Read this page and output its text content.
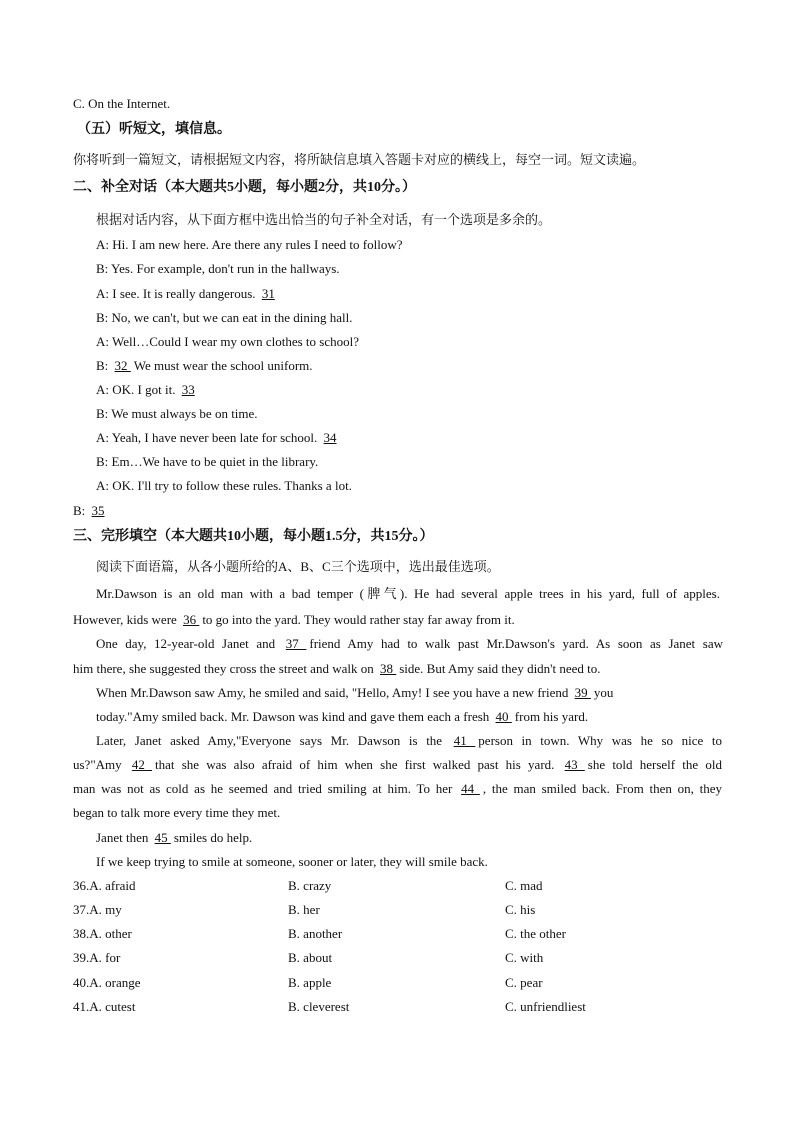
C. On the Internet.
（五）听短文，填信息。
你将听到一篇短文，请根据短文内容，将所缺信息填入答题卡对应的横线上，每空一词。短文读遍。
二、补全对话（本大题共5小题，每小题2分，共10分。）
根据对话内容，从下面方框中选出恰当的句子补全对话，有一个选项是多余的。
A: Hi. I am new here. Are there any rules I need to follow?
B: Yes. For example, don't run in the hallways.
A: I see. It is really dangerous. 31
B: No, we can't, but we can eat in the dining hall.
A: Well…Could I wear my own clothes to school?
B: 32 We must wear the school uniform.
A: OK. I got it. 33
B: We must always be on time.
A: Yeah, I have never been late for school. 34
B: Em…We have to be quiet in the library.
A: OK. I'll try to follow these rules. Thanks a lot.
B: 35
三、完形填空（本大题共10小题，每小题1.5分，共15分。）
阅读下面语篇，从各小题所给的A、B、C三个选项中，选出最佳选项。
Mr.Dawson is an old man with a bad temper (脾气). He had several apple trees in his yard, full of apples.
However, kids were 36 to go into the yard. They would rather stay far away from it.
One day, 12-year-old Janet and 37 friend Amy had to walk past Mr.Dawson's yard. As soon as Janet saw
him there, she suggested they cross the street and walk on 38 side. But Amy said they didn't need to.
When Mr.Dawson saw Amy, he smiled and said, "Hello, Amy! I see you have a new friend 39 you
today."Amy smiled back. Mr. Dawson was kind and gave them each a fresh 40 from his yard.
Later, Janet asked Amy,"Everyone says Mr. Dawson is the 41 person in town. Why was he so nice to
us?"Amy 42 that she was also afraid of him when she first walked past his yard. 43 she told herself the old
man was not as cold as he seemed and tried smiling at him. To her 44 , the man smiled back. From then on, they
began to talk more every time they met.
Janet then 45 smiles do help.
If we keep trying to smile at someone, sooner or later, they will smile back.
36.A. afraid	B. crazy	C. mad
37.A. my	B. her	C. his
38.A. other	B. another	C. the other
39.A. for	B. about	C. with
40.A. orange	B. apple	C. pear
41.A. cutest	B. cleverest	C. unfriendliest
